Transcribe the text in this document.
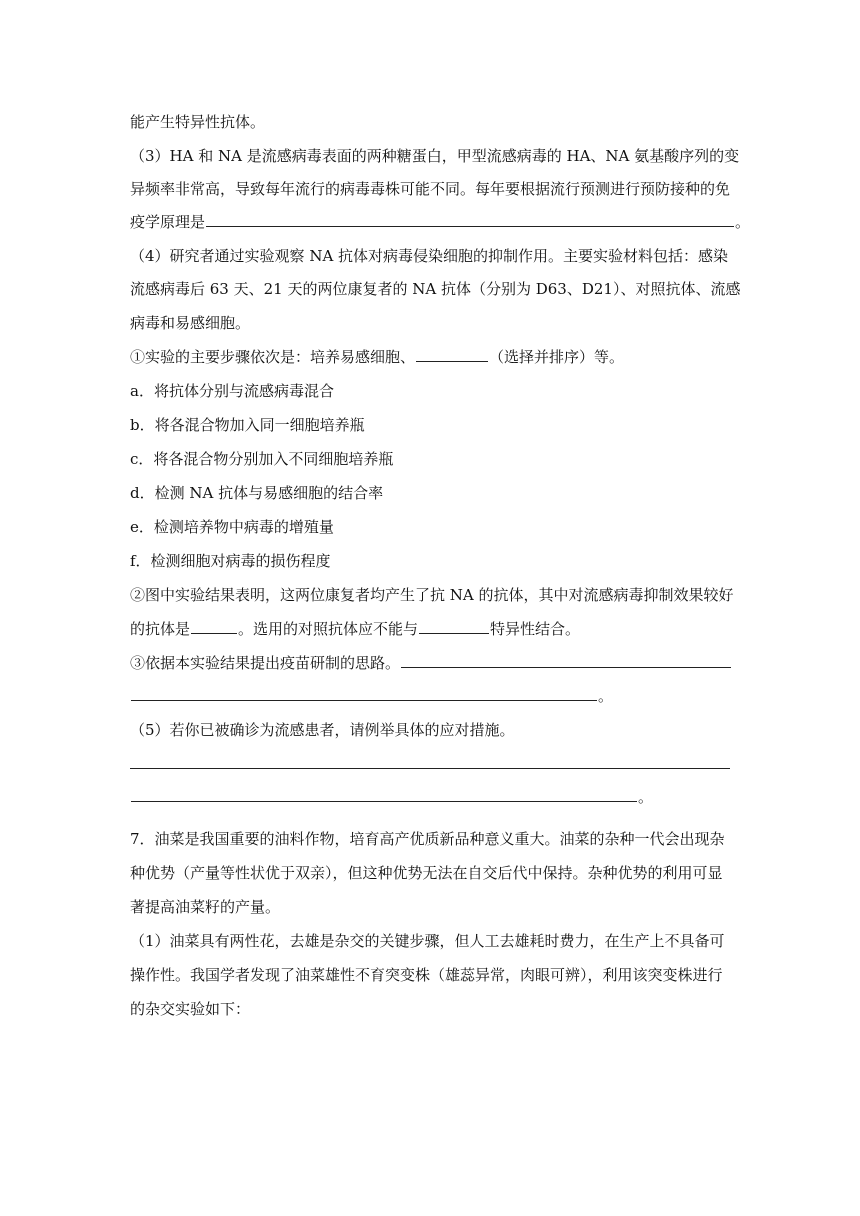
能产生特异性抗体。
（3）HA 和 NA 是流感病毒表面的两种糖蛋白，甲型流感病毒的 HA、NA 氨基酸序列的变
异频率非常高，导致每年流行的病毒毒株可能不同。每年要根据流行预测进行预防接种的免
疫学原理是	。
（4）研究者通过实验观察 NA 抗体对病毒侵染细胞的抑制作用。主要实验材料包括：感染
流感病毒后 63 天、21 天的两位康复者的 NA 抗体（分别为 D63、D21）、对照抗体、流感
病毒和易感细胞。
①实验的主要步骤依次是：培养易感细胞、	（选择并排序）等。
a．将抗体分别与流感病毒混合
b．将各混合物加入同一细胞培养瓶
c．将各混合物分别加入不同细胞培养瓶
d．检测 NA 抗体与易感细胞的结合率
e．检测培养物中病毒的增殖量
f．检测细胞对病毒的损伤程度
②图中实验结果表明，这两位康复者均产生了抗 NA 的抗体，其中对流感病毒抑制效果较好
的抗体是	。选用的对照抗体应不能与	特异性结合。
③依据本实验结果提出疫苗研制的思路。
。
（5）若你已被确诊为流感患者，请例举具体的应对措施。
。
7．油菜是我国重要的油料作物，培育高产优质新品种意义重大。油菜的杂种一代会出现杂
种优势（产量等性状优于双亲），但这种优势无法在自交后代中保持。杂种优势的利用可显
著提高油菜籽的产量。
（1）油菜具有两性花，去雄是杂交的关键步骤，但人工去雄耗时费力，在生产上不具备可
操作性。我国学者发现了油菜雄性不育突变株（雄蕊异常，肉眼可辨），利用该突变株进行
的杂交实验如下：
